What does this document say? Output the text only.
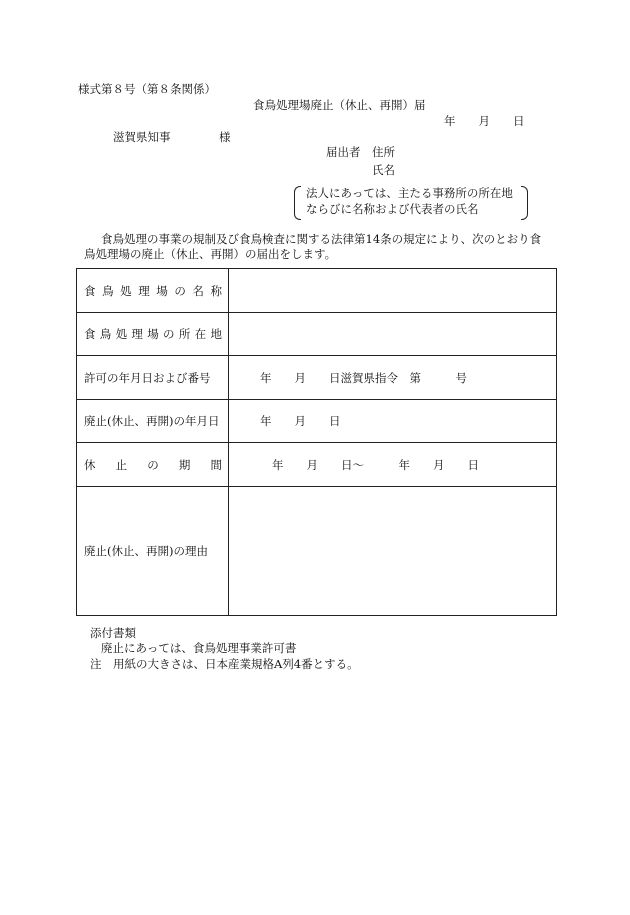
様式第８号（第８条関係）
食鳥処理場廃止（休止、再開）届
年　　月　　日
滋賀県知事	様
届出者 住所
氏名
法人にあっては、主たる事務所の所在地
ならびに名称および代表者の氏名
食鳥処理の事業の規制及び食鳥検査に関する法律第14条の規定により、次のとおり食
鳥処理場の廃止（休止、再開）の届出をします。
食鳥処理場の名称	

食鳥処理場の所在地	

許可の年月日および番号	年　　月　　日滋賀県指令　第　　　号
廃止(休止、再開)の年月日	年　　月　　日

休止の期間	年　　月　　日～　　　年　　月　　日
廃止(休止、再開)の理由	
添付書類
廃止にあっては、食鳥処理事業許可書
注　用紙の大きさは、日本産業規格A列4番とする。
